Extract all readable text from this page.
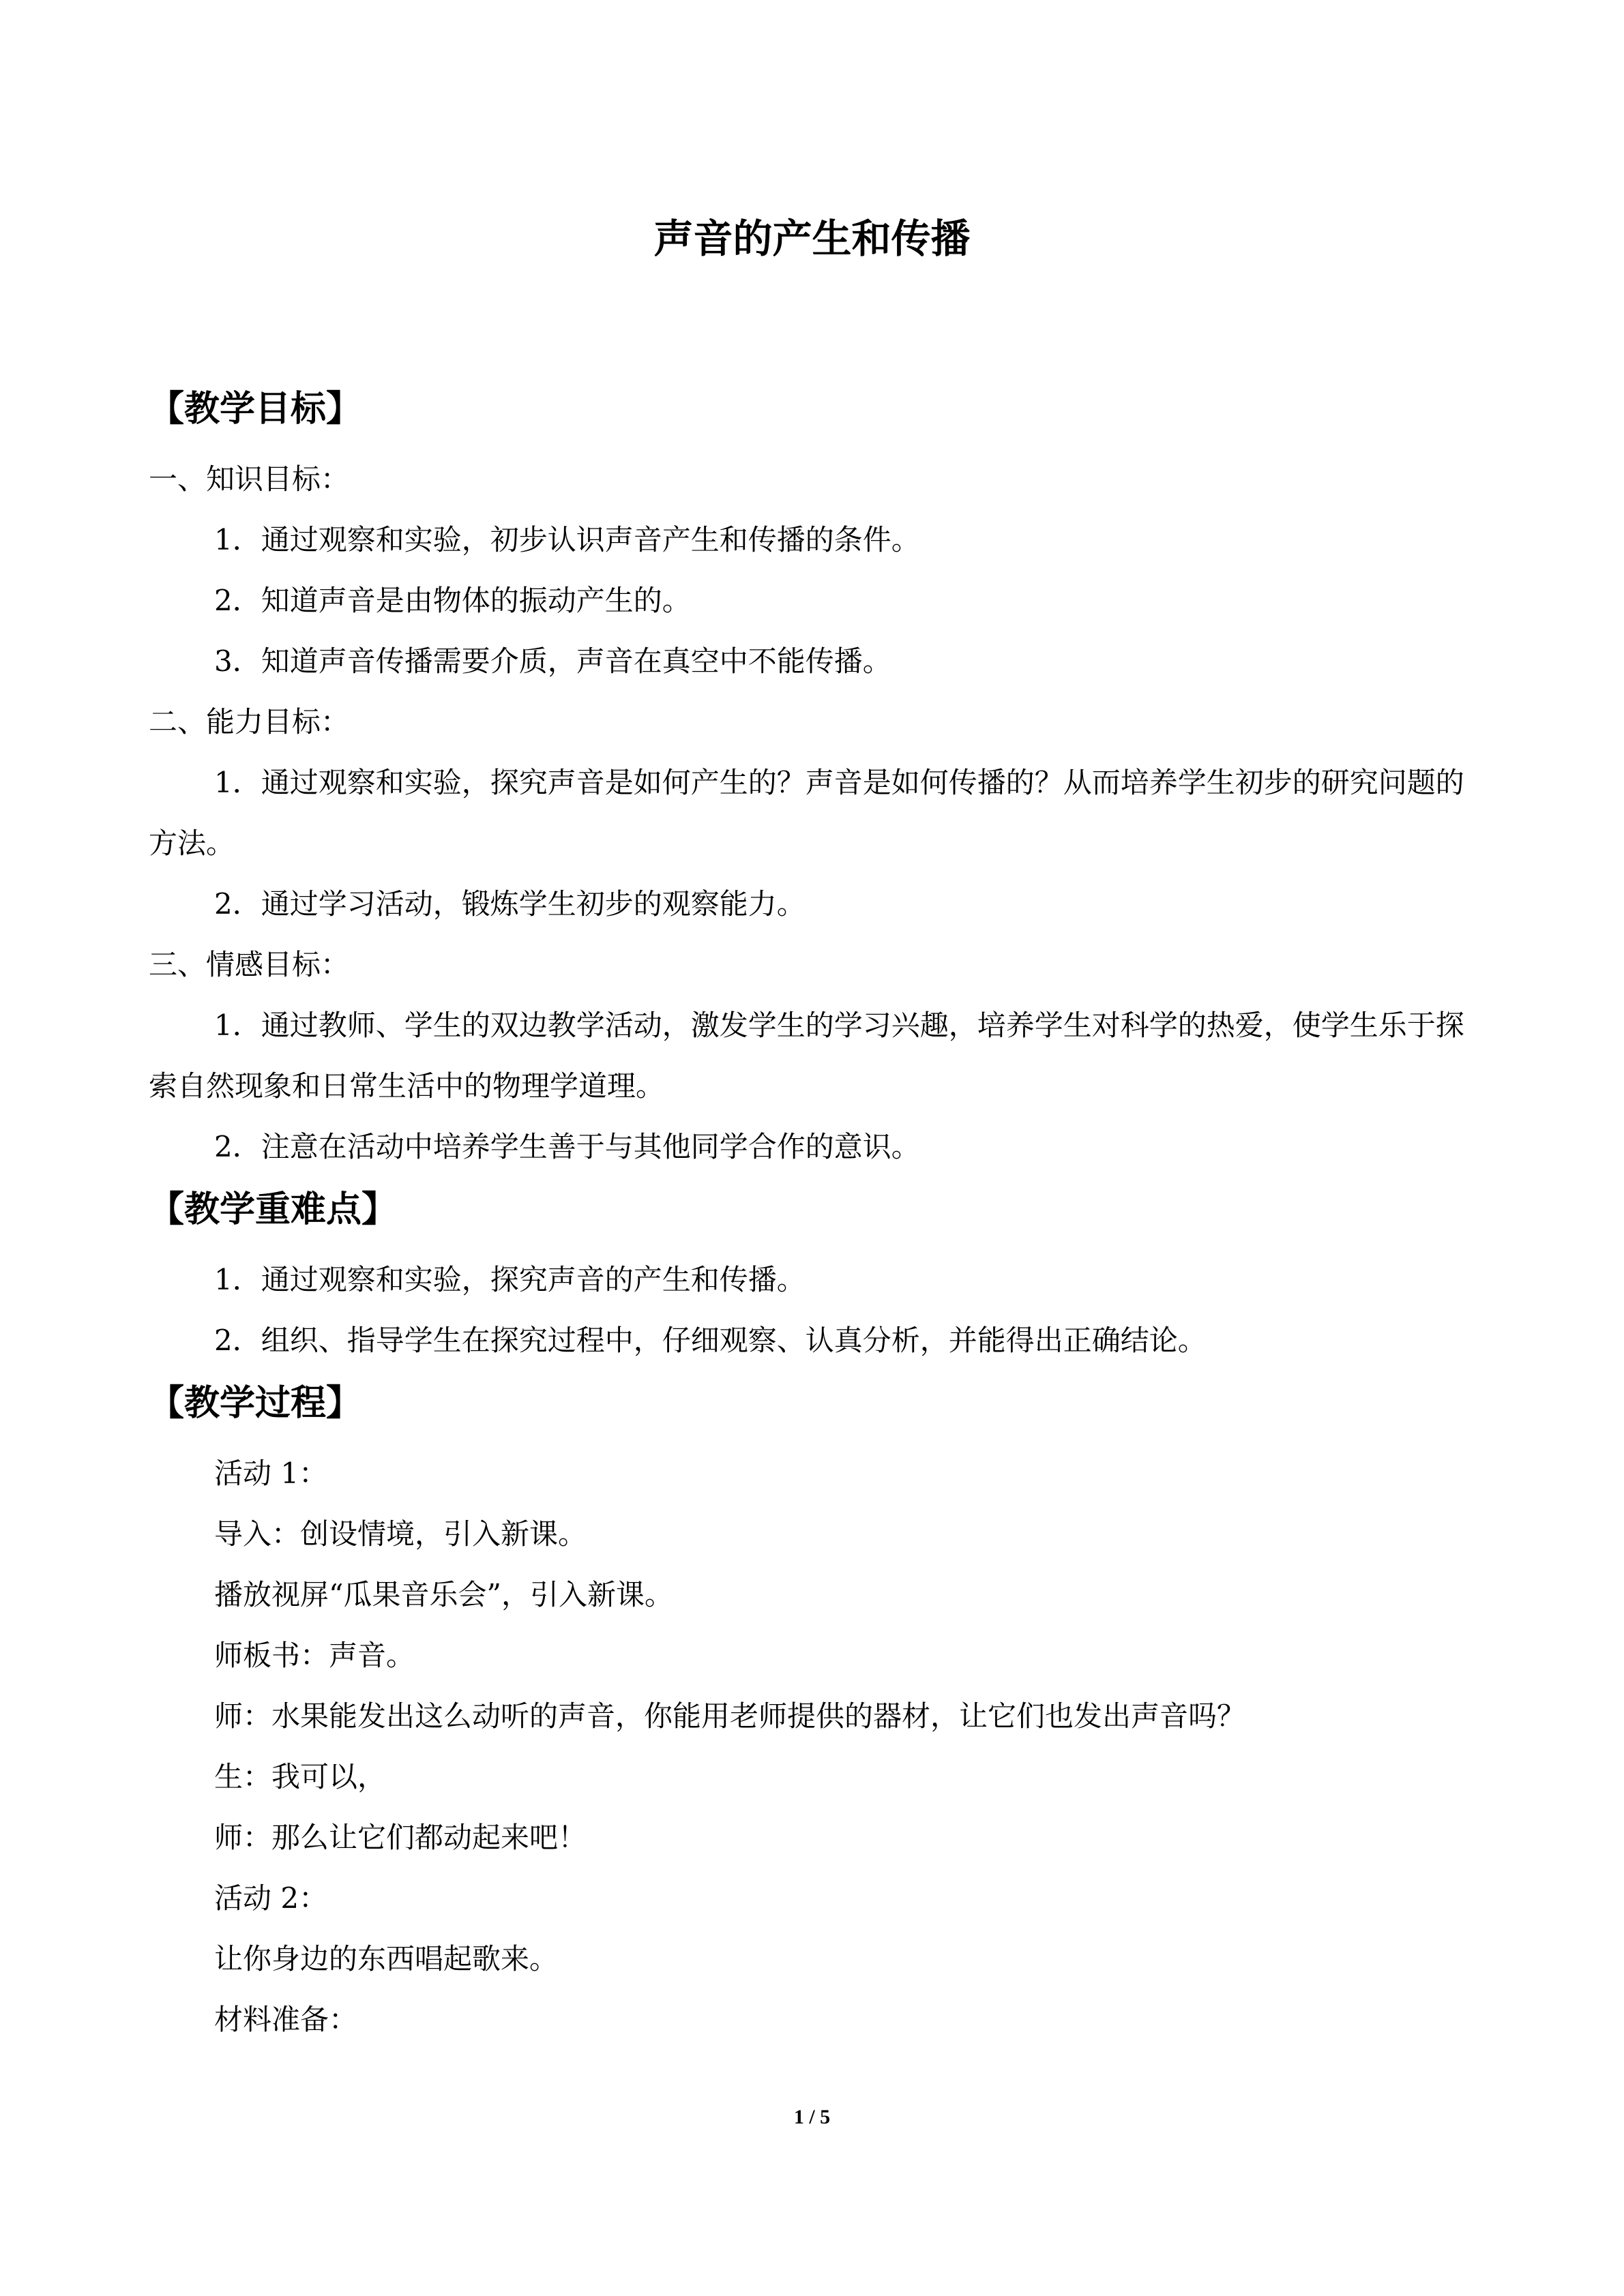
声音的产生和传播
【教学目标】

一、知识目标：

1．通过观察和实验，初步认识声音产生和传播的条件。

2．知道声音是由物体的振动产生的。

3．知道声音传播需要介质，声音在真空中不能传播。

二、能力目标：

1．通过观察和实验，探究声音是如何产生的？声音是如何传播的？从而培养学生初步的研究问题的方法。

2．通过学习活动，锻炼学生初步的观察能力。

三、情感目标：

1．通过教师、学生的双边教学活动，激发学生的学习兴趣，培养学生对科学的热爱，使学生乐于探索自然现象和日常生活中的物理学道理。

2．注意在活动中培养学生善于与其他同学合作的意识。

【教学重难点】

1．通过观察和实验，探究声音的产生和传播。

2．组织、指导学生在探究过程中，仔细观察、认真分析，并能得出正确结论。

【教学过程】

活动 1：

导入：创设情境，引入新课。

播放视屏“瓜果音乐会”，引入新课。

师板书：声音。

师：水果能发出这么动听的声音，你能用老师提供的器材，让它们也发出声音吗？

生：我可以，

师：那么让它们都动起来吧！

活动 2：

让你身边的东西唱起歌来。

材料准备：

1 / 5
